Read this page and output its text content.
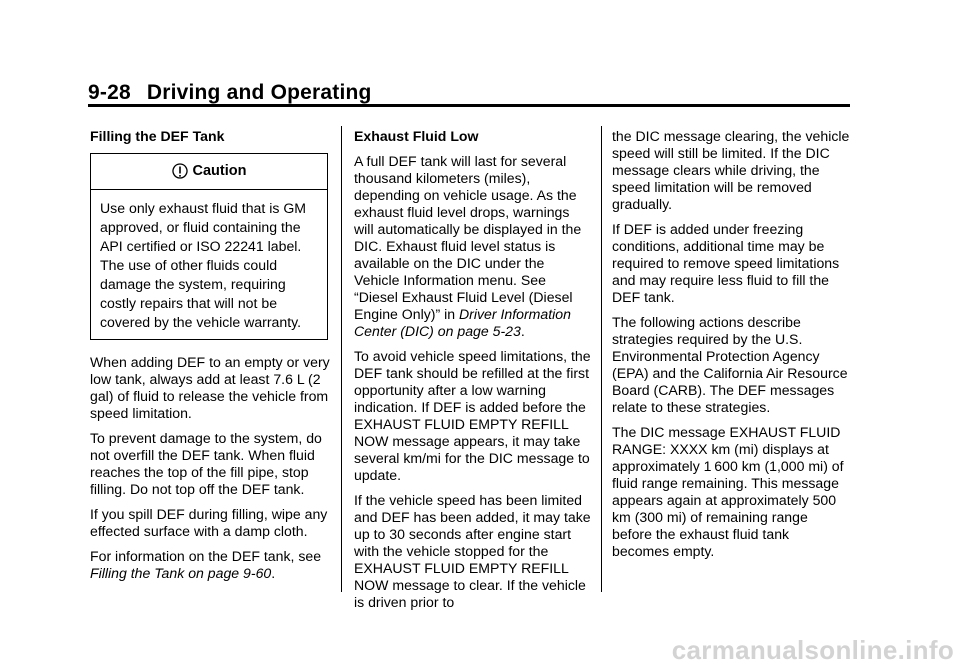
9-28 Driving and Operating
Filling the DEF Tank
Caution
Use only exhaust fluid that is GM approved, or fluid containing the API certified or ISO 22241 label. The use of other fluids could damage the system, requiring costly repairs that will not be covered by the vehicle warranty.

When adding DEF to an empty or very low tank, always add at least 7.6 L (2 gal) of fluid to release the vehicle from speed limitation.

To prevent damage to the system, do not overfill the DEF tank. When fluid reaches the top of the fill pipe, stop filling. Do not top off the DEF tank.

If you spill DEF during filling, wipe any effected surface with a damp cloth.

For information on the DEF tank, see Filling the Tank on page 9-60.

Exhaust Fluid Low

A full DEF tank will last for several thousand kilometers (miles), depending on vehicle usage. As the exhaust fluid level drops, warnings will automatically be displayed in the DIC. Exhaust fluid level status is available on the DIC under the Vehicle Information menu. See “Diesel Exhaust Fluid Level (Diesel Engine Only)” in Driver Information Center (DIC) on page 5-23.

To avoid vehicle speed limitations, the DEF tank should be refilled at the first opportunity after a low warning indication. If DEF is added before the EXHAUST FLUID EMPTY REFILL NOW message appears, it may take several km/mi for the DIC message to update.

If the vehicle speed has been limited and DEF has been added, it may take up to 30 seconds after engine start with the vehicle stopped for the EXHAUST FLUID EMPTY REFILL NOW message to clear. If the vehicle is driven prior to

the DIC message clearing, the vehicle speed will still be limited. If the DIC message clears while driving, the speed limitation will be removed gradually.

If DEF is added under freezing conditions, additional time may be required to remove speed limitations and may require less fluid to fill the DEF tank.

The following actions describe strategies required by the U.S. Environmental Protection Agency (EPA) and the California Air Resource Board (CARB). The DEF messages relate to these strategies.

The DIC message EXHAUST FLUID RANGE: XXXX km (mi) displays at approximately 1 600 km (1,000 mi) of fluid range remaining. This message appears again at approximately 500 km (300 mi) of remaining range before the exhaust fluid tank becomes empty.

carmanualsonline.info
